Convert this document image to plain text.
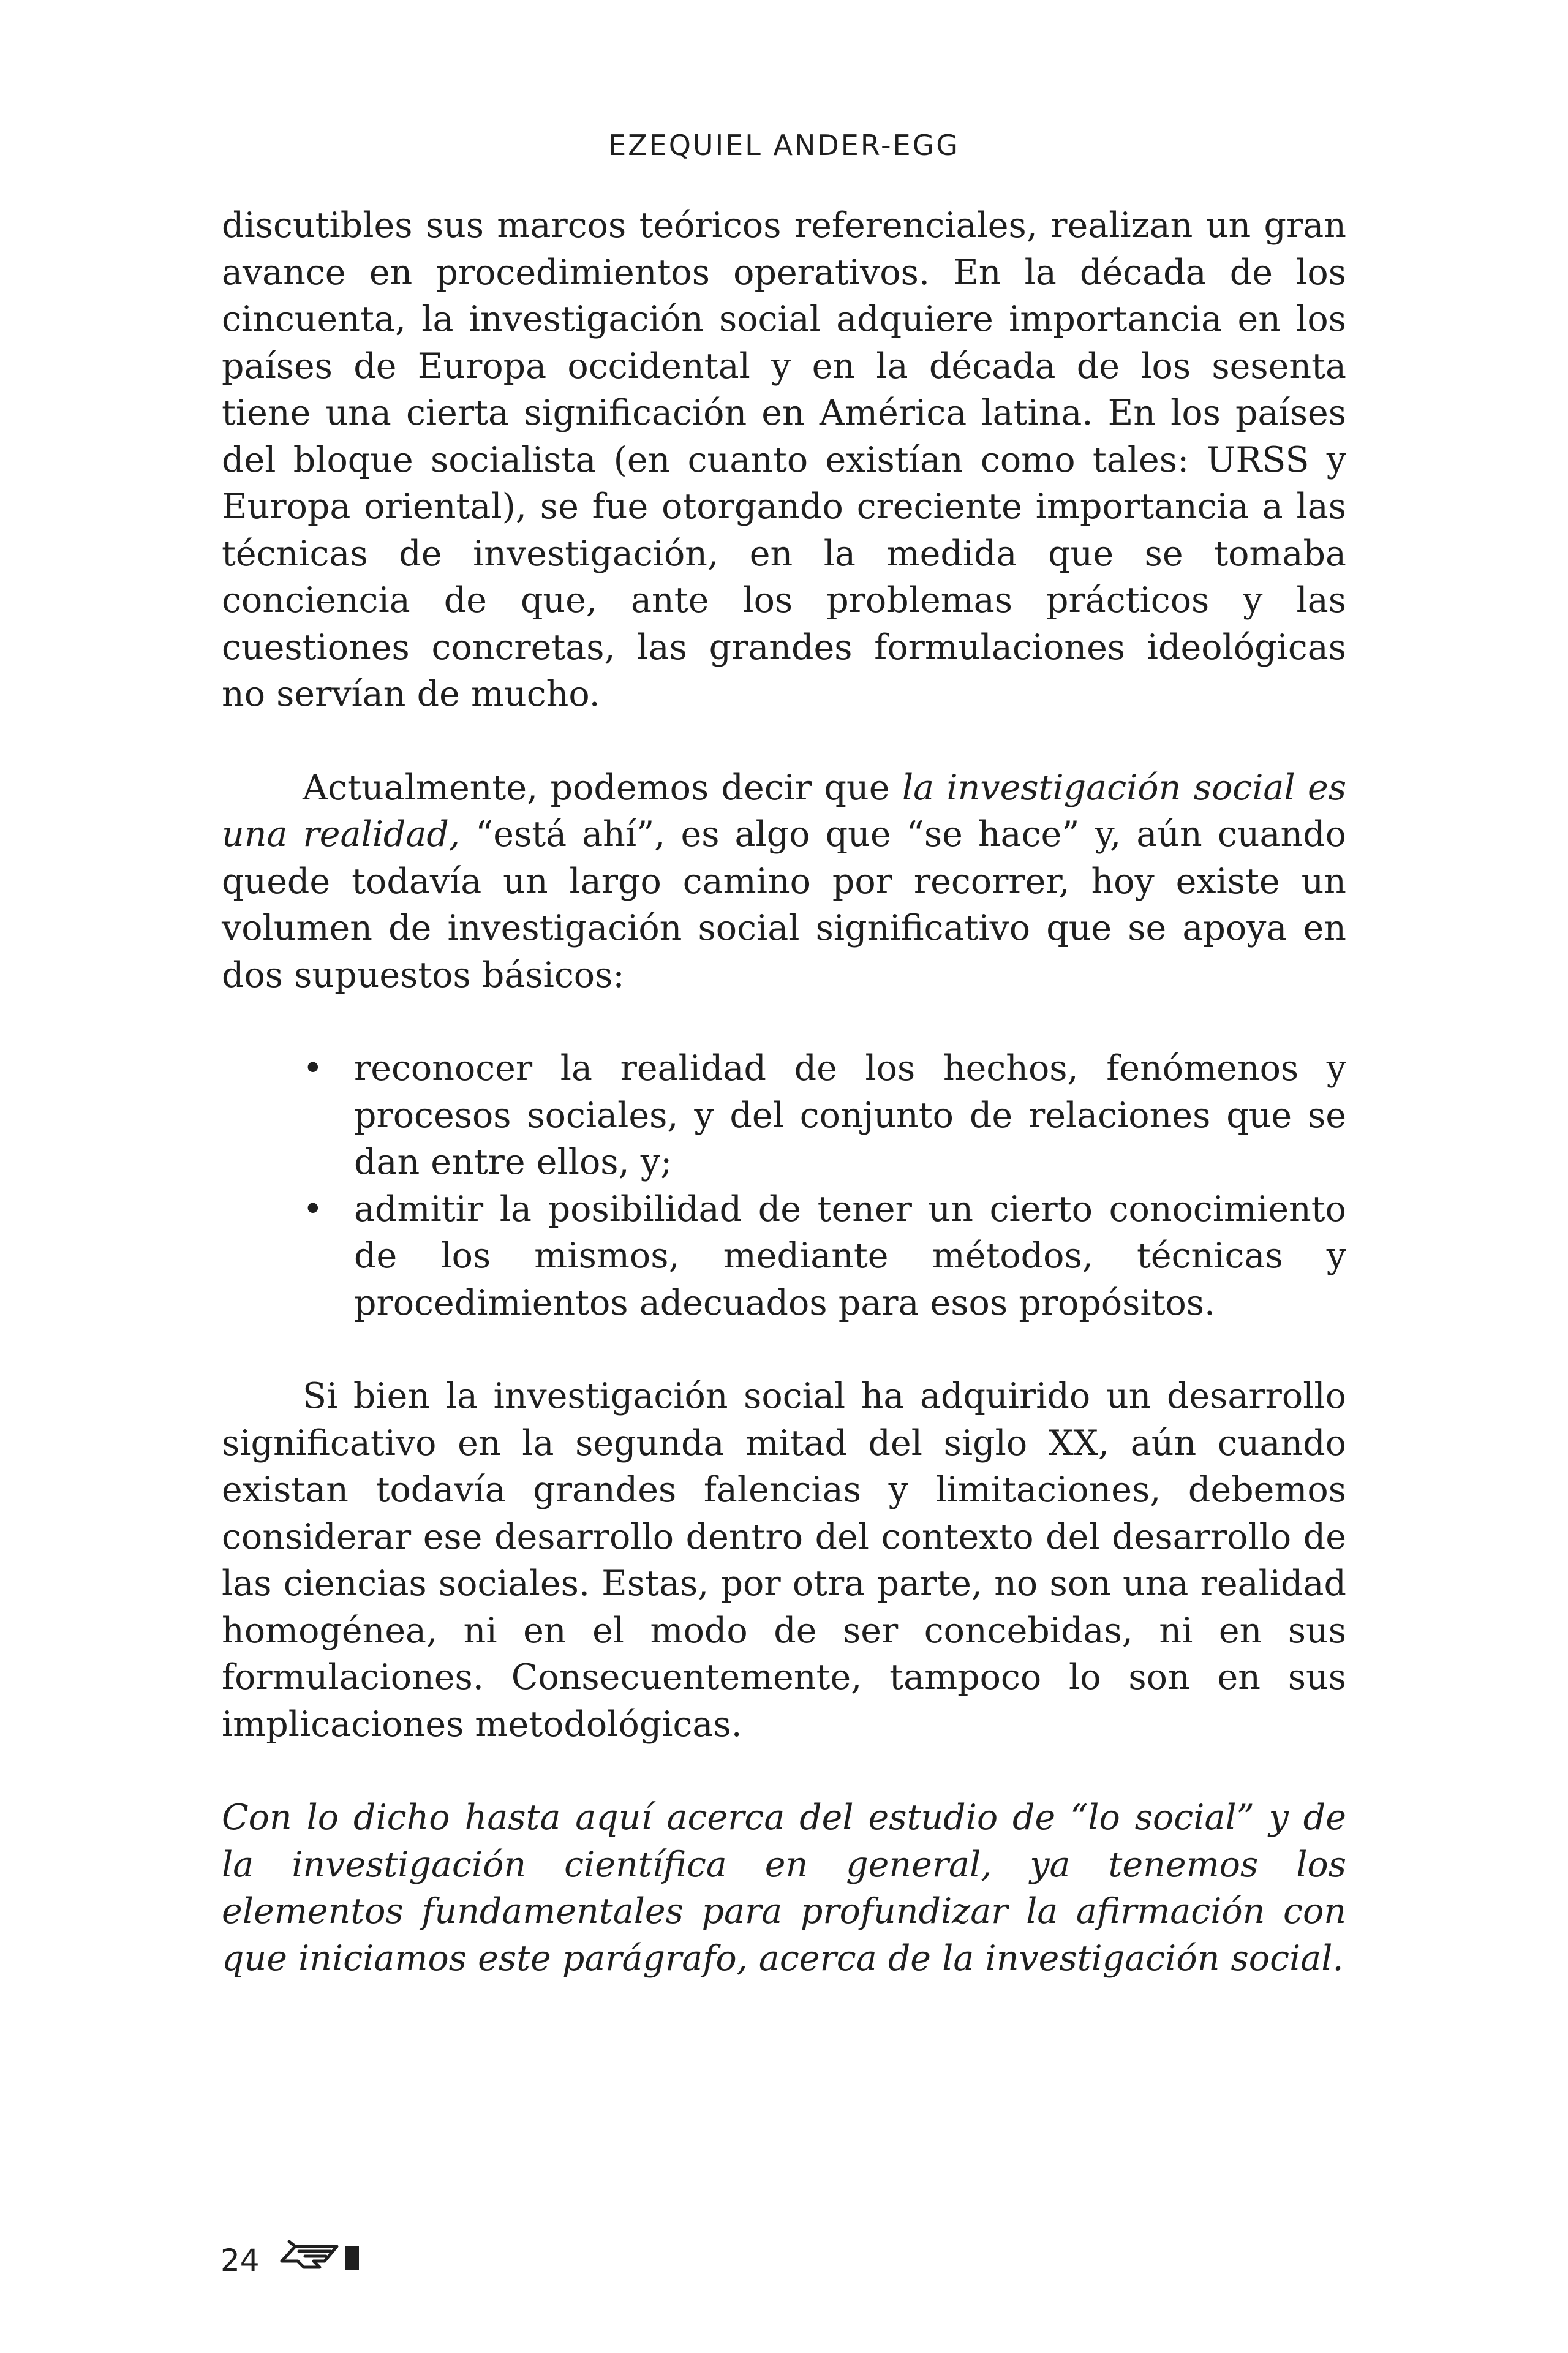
EZEQUIEL ANDER-EGG

discutibles sus marcos teóricos referenciales, realizan un gran avance en procedimientos operativos. En la década de los cincuenta, la investigación social adquiere importancia en los países de Europa occidental y en la década de los sesenta tiene una cierta significación en América latina. En los países del bloque socialista (en cuanto existían como tales: URSS y Europa oriental), se fue otorgando creciente importancia a las técnicas de investigación, en la medida que se tomaba conciencia de que, ante los problemas prácticos y las cuestiones concretas, las grandes formulaciones ideológicas no servían de mucho.

Actualmente, podemos decir que la investigación social es una realidad, “está ahí”, es algo que “se hace” y, aún cuando quede todavía un largo camino por recorrer, hoy existe un volumen de investigación social significativo que se apoya en dos supuestos básicos:

• reconocer la realidad de los hechos, fenómenos y procesos sociales, y del conjunto de relaciones que se dan entre ellos, y;
• admitir la posibilidad de tener un cierto conocimiento de los mismos, mediante métodos, técnicas y procedimientos adecuados para esos propósitos.

Si bien la investigación social ha adquirido un desarrollo significativo en la segunda mitad del siglo XX, aún cuando existan todavía grandes falencias y limitaciones, debemos considerar ese desarrollo dentro del contexto del desarrollo de las ciencias sociales. Estas, por otra parte, no son una realidad homogénea, ni en el modo de ser concebidas, ni en sus formulaciones. Consecuentemente, tampoco lo son en sus implicaciones metodológicas.

Con lo dicho hasta aquí acerca del estudio de “lo social” y de la investigación científica en general, ya tenemos los elementos fundamentales para profundizar la afirmación con que iniciamos este parágrafo, acerca de la investigación social.

24
